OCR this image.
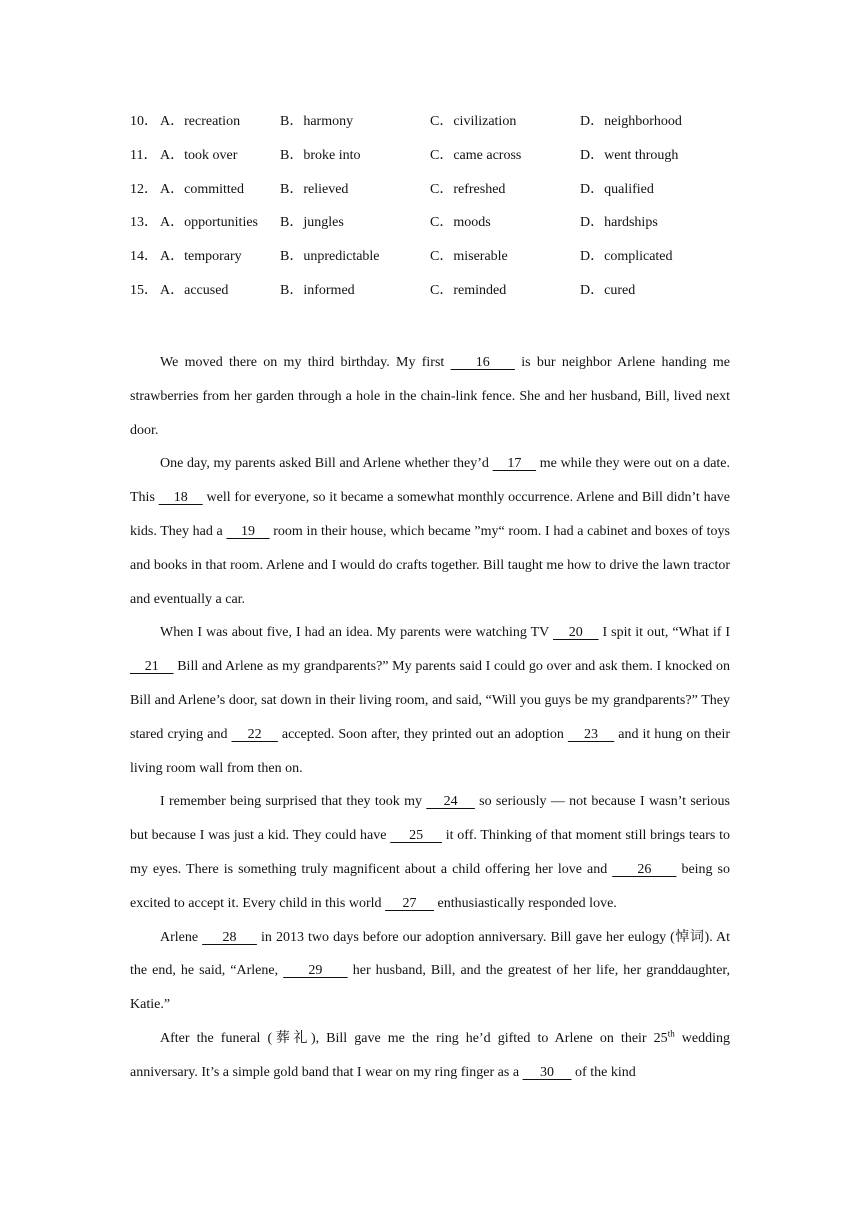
10． A．recreation	B．harmony	C．civilization	D．neighborhood
11． A．took over	B．broke into	C．came across	D．went through
12． A．committed	B．relieved	C．refreshed	D．qualified
13． A．opportunities B．jungles	C．moods	D．hardships
14． A．temporary	B．unpredictable	C．miserable	D．complicated
15． A．accused	B．informed	C．reminded	D．cured

We moved there on my third birthday. My first     16     is bur neighbor Arlene handing me strawberries from her garden through a hole in the chain-link fence. She and her husband, Bill, lived next door.

One day, my parents asked Bill and Arlene whether they’d     17     me while they were out on a date. This     18     well for everyone, so it became a somewhat monthly occurrence. Arlene and Bill didn’t have kids. They had a     19     room in their house, which became ”my“ room. I had a cabinet and boxes of toys and books in that room. Arlene and I would do crafts together. Bill taught me how to drive the lawn tractor and eventually a car.

When I was about five, I had an idea. My parents were watching TV     20     I spit it out, “What if I     21     Bill and Arlene as my grandparents?” My parents said I could go over and ask them. I knocked on Bill and Arlene’s door, sat down in their living room, and said, “Will you guys be my grandparents?” They stared crying and     22     accepted. Soon after, they printed out an adoption     23     and it hung on their living room wall from then on.

I remember being surprised that they took my     24     so seriously — not because I wasn’t serious but because I was just a kid. They could have      25      it off. Thinking of that moment still brings tears to my eyes. There is something truly magnificent about a child offering her love and      26      being so excited to accept it. Every child in this world      27      enthusiastically responded love.

Arlene      28      in 2013 two days before our adoption anniversary. Bill gave her eulogy (悼词). At the end, he said, “Arlene,      29      her husband, Bill, and the greatest of her life, her granddaughter, Katie.”

After the funeral (葬礼), Bill gave me the ring he’d gifted to Arlene on their 25th wedding anniversary. It’s a simple gold band that I wear on my ring finger as a      30      of the kind
